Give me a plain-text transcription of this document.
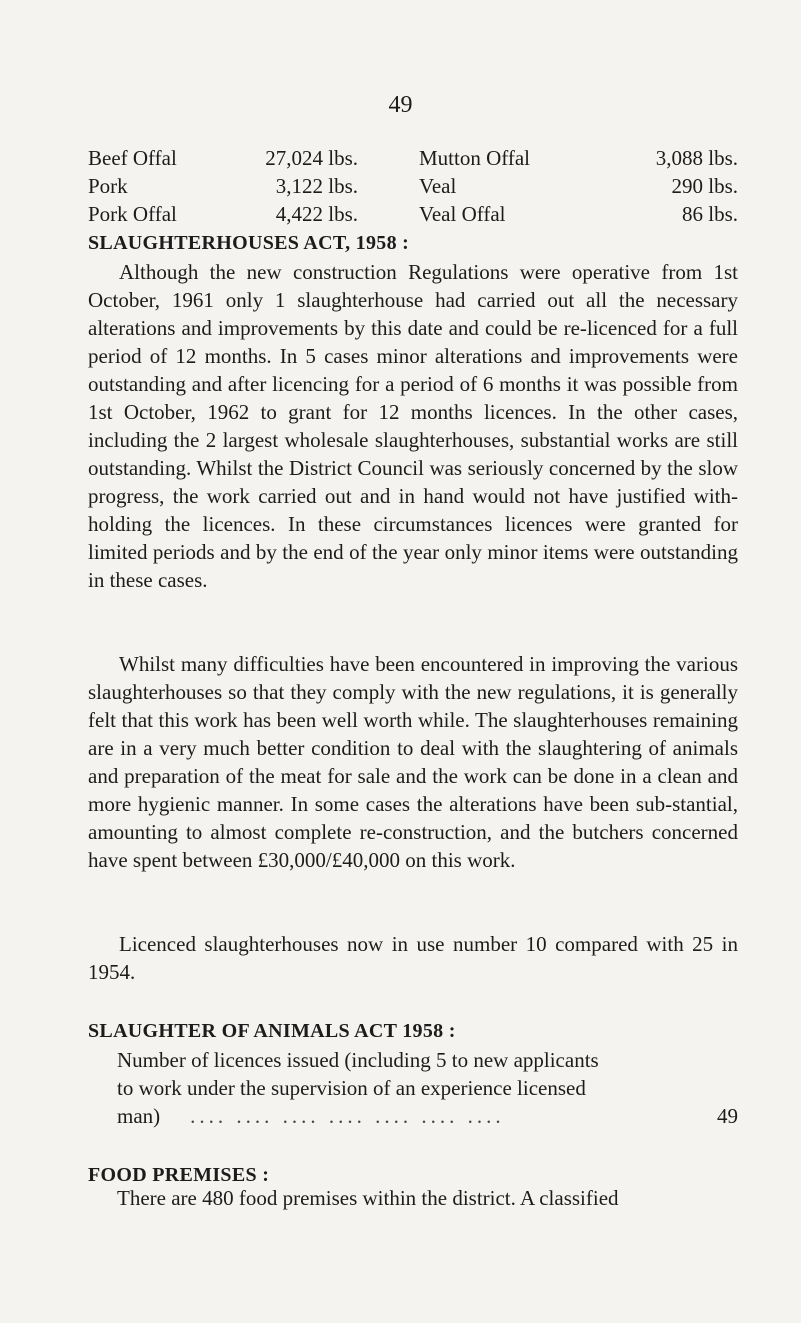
49
Beef Offal	27,024 lbs.	Mutton Offal	3,088 lbs.
Pork	3,122 lbs.	Veal	290 lbs.
Pork Offal	4,422 lbs.	Veal Offal	86 lbs.
SLAUGHTERHOUSES ACT, 1958 :

Although the new construction Regulations were operative from 1st October, 1961 only 1 slaughterhouse had carried out all the necessary alterations and improvements by this date and could be re-licenced for a full period of 12 months. In 5 cases minor alterations and improvements were outstanding and after licencing for a period of 6 months it was possible from 1st October, 1962 to grant for 12 months licences. In the other cases, including the 2 largest wholesale slaughterhouses, substantial works are still outstanding. Whilst the District Council was seriously concerned by the slow progress, the work carried out and in hand would not have justified with-holding the licences. In these circumstances licences were granted for limited periods and by the end of the year only minor items were outstanding in these cases.

Whilst many difficulties have been encountered in improving the various slaughterhouses so that they comply with the new regulations, it is generally felt that this work has been well worth while. The slaughterhouses remaining are in a very much better condition to deal with the slaughtering of animals and preparation of the meat for sale and the work can be done in a clean and more hygienic manner. In some cases the alterations have been sub-stantial, amounting to almost complete re-construction, and the butchers concerned have spent between £30,000/£40,000 on this work.

Licenced slaughterhouses now in use number 10 compared with 25 in 1954.

SLAUGHTER OF ANIMALS ACT 1958 :

Number of licences issued (including 5 to new applicants

to work under the supervision of an experience licensed

man)	.... .... .... .... .... .... ....	49
FOOD PREMISES :

There are 480 food premises within the district. A classified
